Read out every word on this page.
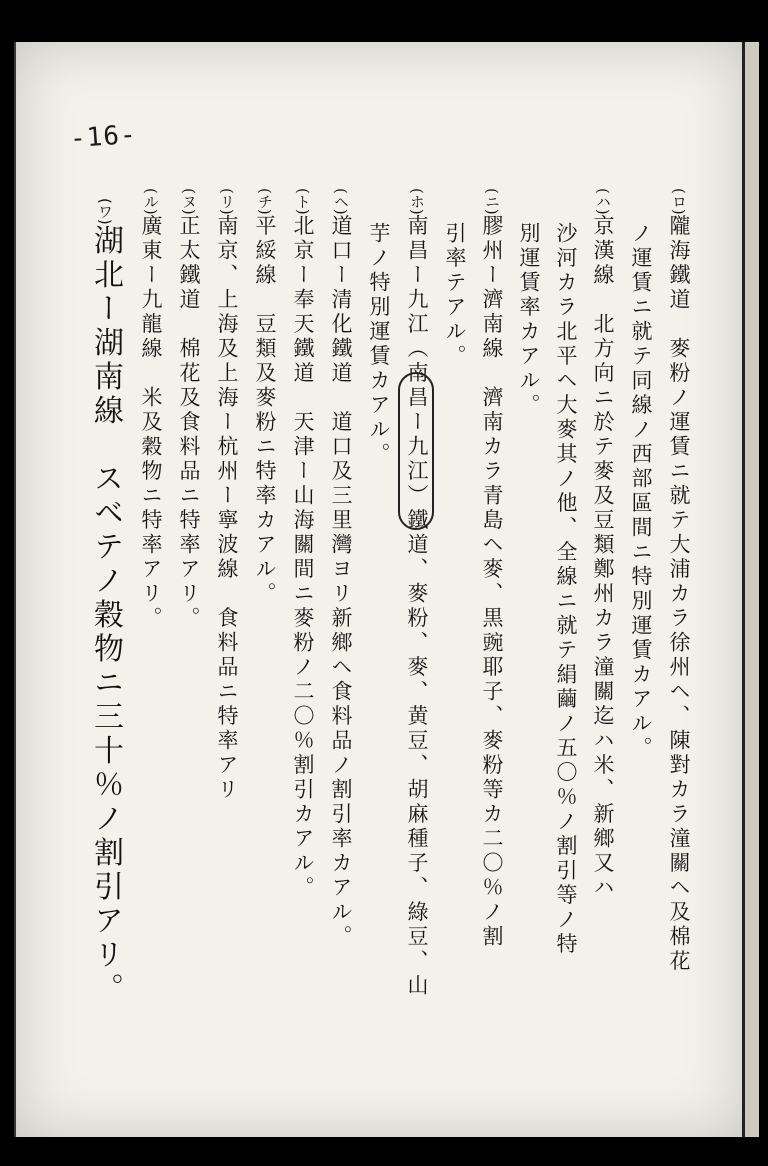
-16-
(ロ)隴海鐵道　麥粉ノ運賃ニ就テ大浦カラ徐州ヘ、陳對カラ潼關ヘ及棉花
ノ運賃ニ就テ同線ノ西部區間ニ特別運賃カアル。
(ハ)京漢線　北方向ニ於テ麥及豆類鄭州カラ潼關迄ハ米、新鄉又ハ
沙河カラ北平ヘ大麥其ノ他、全線ニ就テ絹繭ノ五〇％ノ割引等ノ特
別運賃率カアル。
(ニ)膠州ー濟南線　濟南カラ青島ヘ麥、黒豌耶子、麥粉等カ二〇％ノ割
引率テアル。
(ホ)南昌ー九江（南昌ー九江）鐵道、麥粉、麥、黄豆、胡麻種子、綠豆、山
芋ノ特別運賃カアル。
(ヘ)道口ー清化鐵道　道口及三里灣ヨリ新鄉ヘ食料品ノ割引率カアル。
(ト)北京ー奉天鐵道　天津ー山海關間ニ麥粉ノ二〇％割引カアル。
(チ)平綏線　豆類及麥粉ニ特率カアル。
(リ)南京、上海及上海ー杭州ー寧波線　食料品ニ特率アリ
(ヌ)正太鐵道　棉花及食料品ニ特率アリ。
(ル)廣東ー九龍線　米及穀物ニ特率アリ。
(ワ)湖北ー湖南線　スベテノ穀物ニ三十％ノ割引アリ。
